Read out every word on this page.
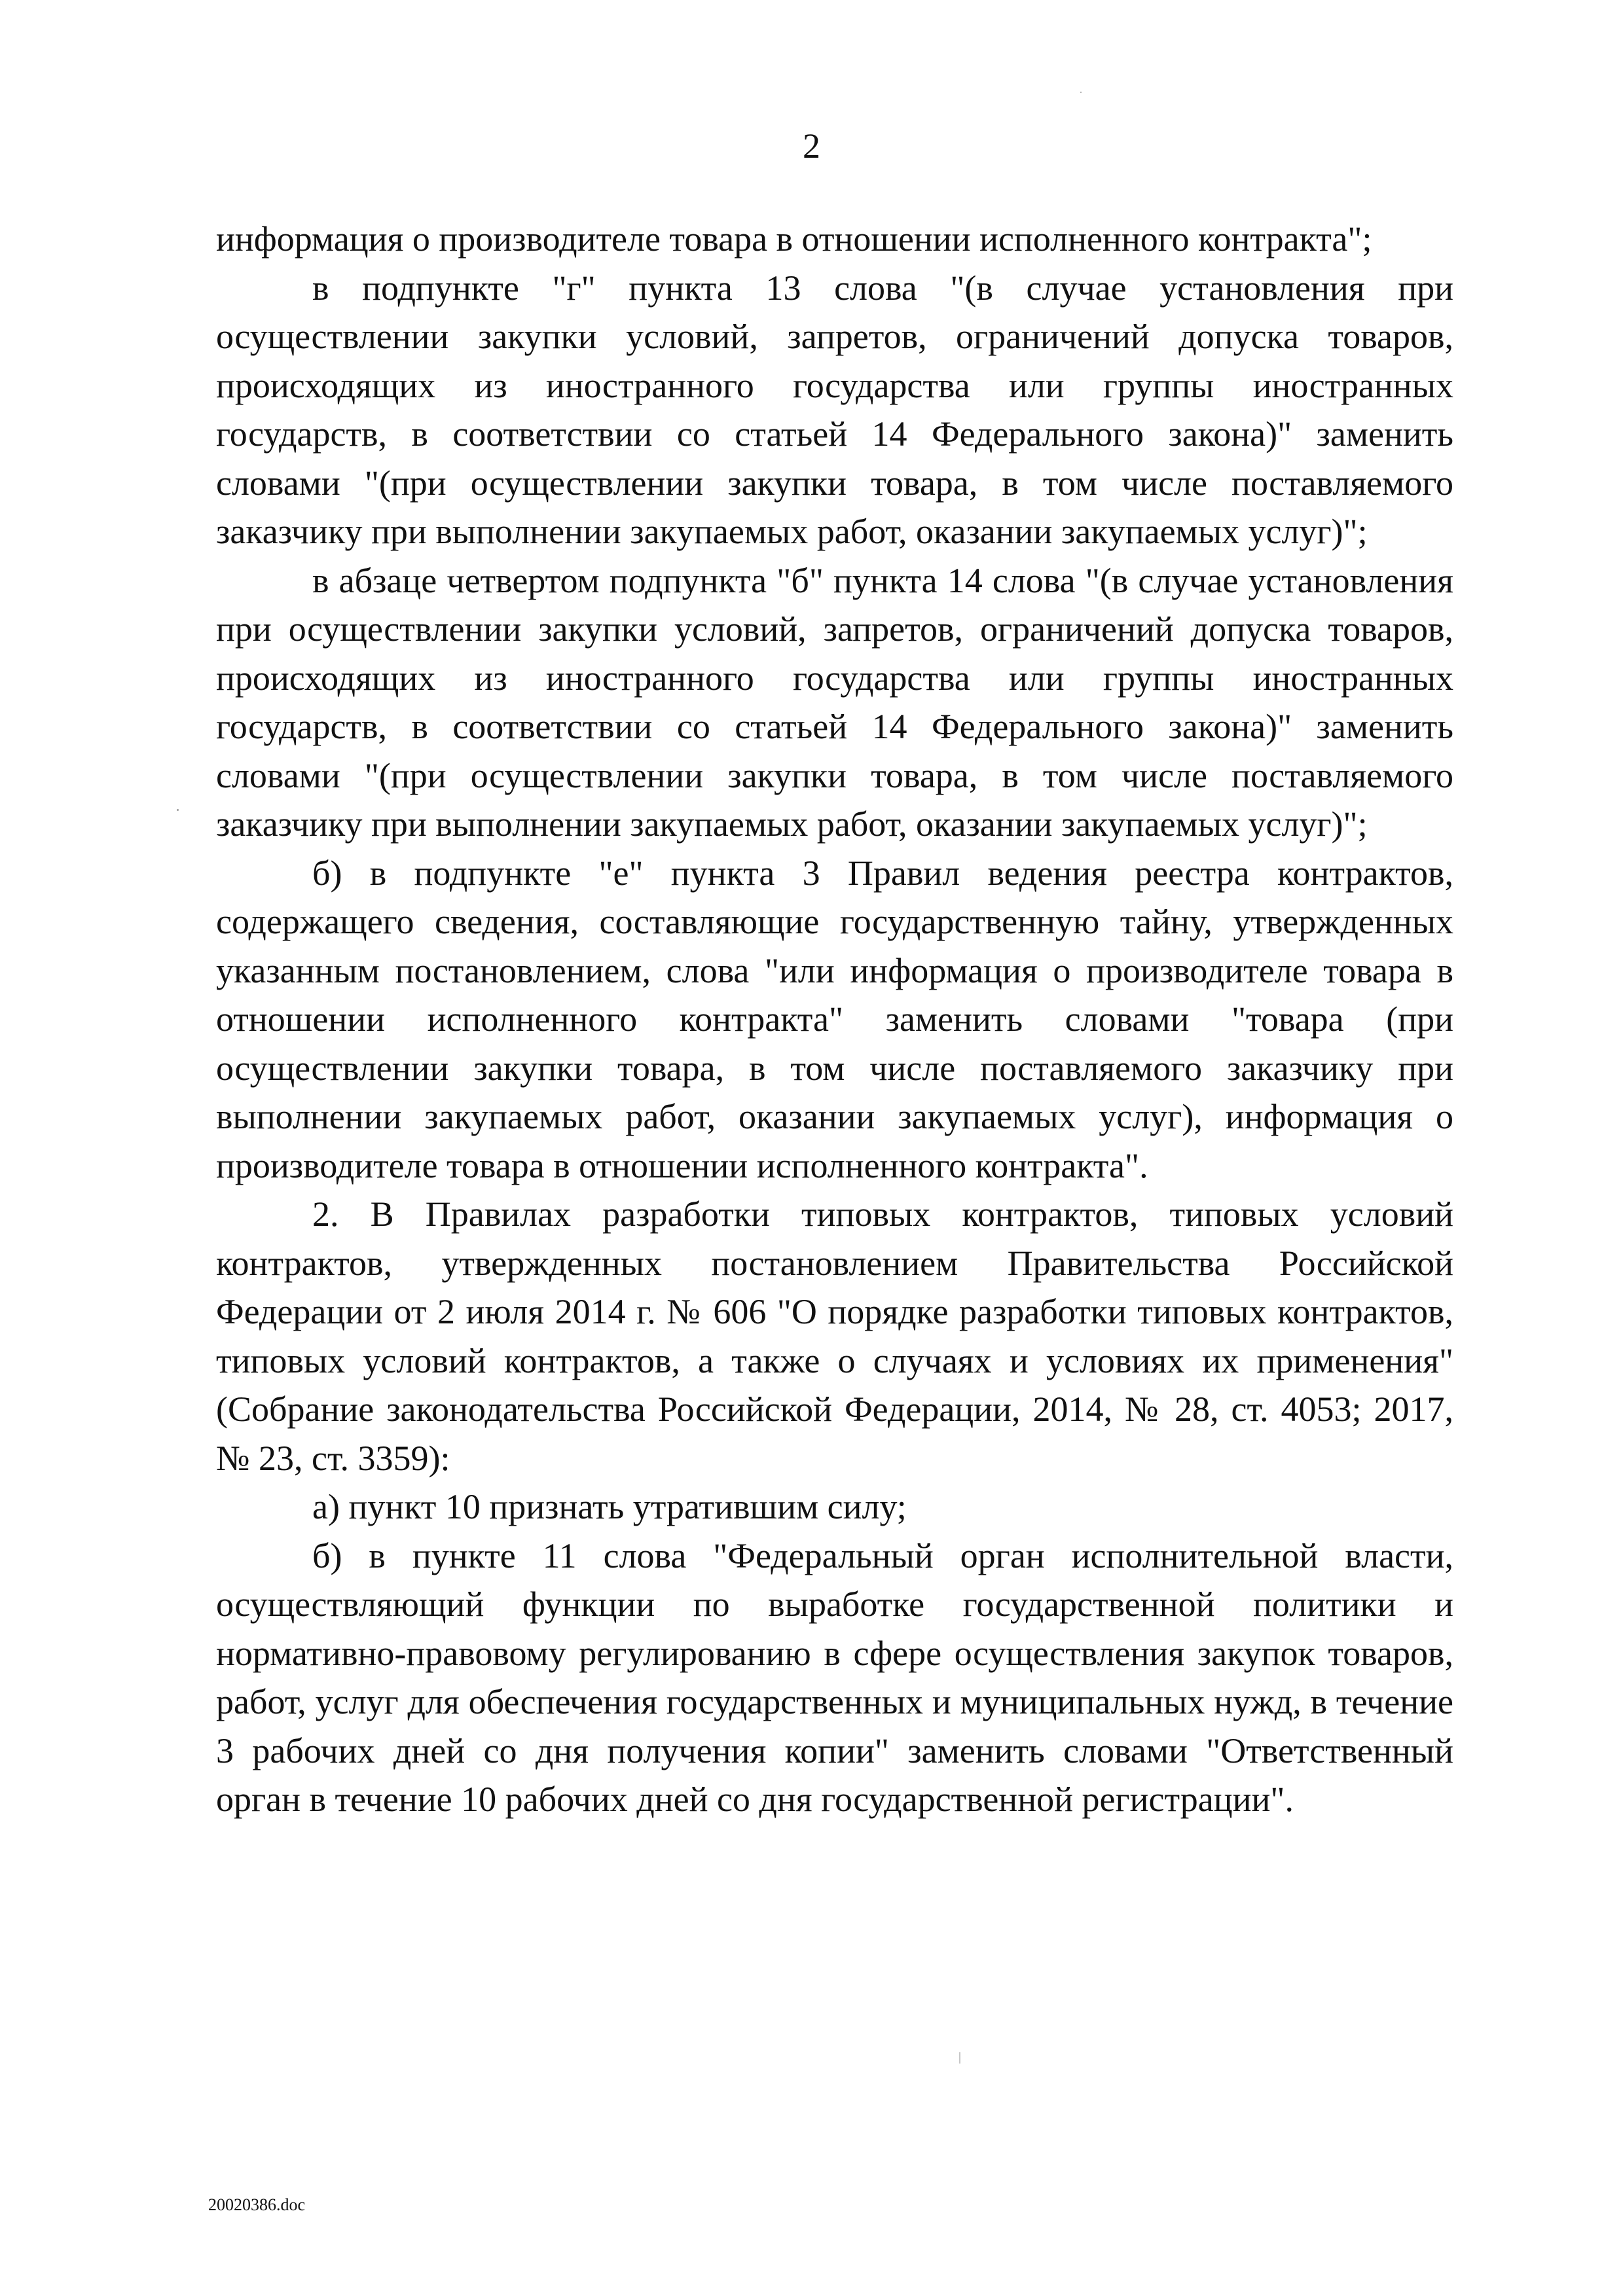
2

информация о производителе товара в отношении исполненного контракта";

в подпункте "г" пункта 13 слова "(в случае установления при осуществлении закупки условий, запретов, ограничений допуска товаров, происходящих из иностранного государства или группы иностранных государств, в соответствии со статьей 14 Федерального закона)" заменить словами "(при осуществлении закупки товара, в том числе поставляемого заказчику при выполнении закупаемых работ, оказании закупаемых услуг)";

в абзаце четвертом подпункта "б" пункта 14 слова "(в случае установления при осуществлении закупки условий, запретов, ограничений допуска товаров, происходящих из иностранного государства или группы иностранных государств, в соответствии со статьей 14 Федерального закона)" заменить словами "(при осуществлении закупки товара, в том числе поставляемого заказчику при выполнении закупаемых работ, оказании закупаемых услуг)";

б) в подпункте "е" пункта 3 Правил ведения реестра контрактов, содержащего сведения, составляющие государственную тайну, утвержденных указанным постановлением, слова "или информация о производителе товара в отношении исполненного контракта" заменить словами "товара (при осуществлении закупки товара, в том числе поставляемого заказчику при выполнении закупаемых работ, оказании закупаемых услуг), информация о производителе товара в отношении исполненного контракта".

2. В Правилах разработки типовых контрактов, типовых условий контрактов, утвержденных постановлением Правительства Российской Федерации от 2 июля 2014 г. № 606 "О порядке разработки типовых контрактов, типовых условий контрактов, а также о случаях и условиях их применения" (Собрание законодательства Российской Федерации, 2014, № 28, ст. 4053; 2017, № 23, ст. 3359):

а) пункт 10 признать утратившим силу;

б) в пункте 11 слова "Федеральный орган исполнительной власти, осуществляющий функции по выработке государственной политики и нормативно-правовому регулированию в сфере осуществления закупок товаров, работ, услуг для обеспечения государственных и муниципальных нужд, в течение 3 рабочих дней со дня получения копии" заменить словами "Ответственный орган в течение 10 рабочих дней со дня государственной регистрации".

20020386.doc
